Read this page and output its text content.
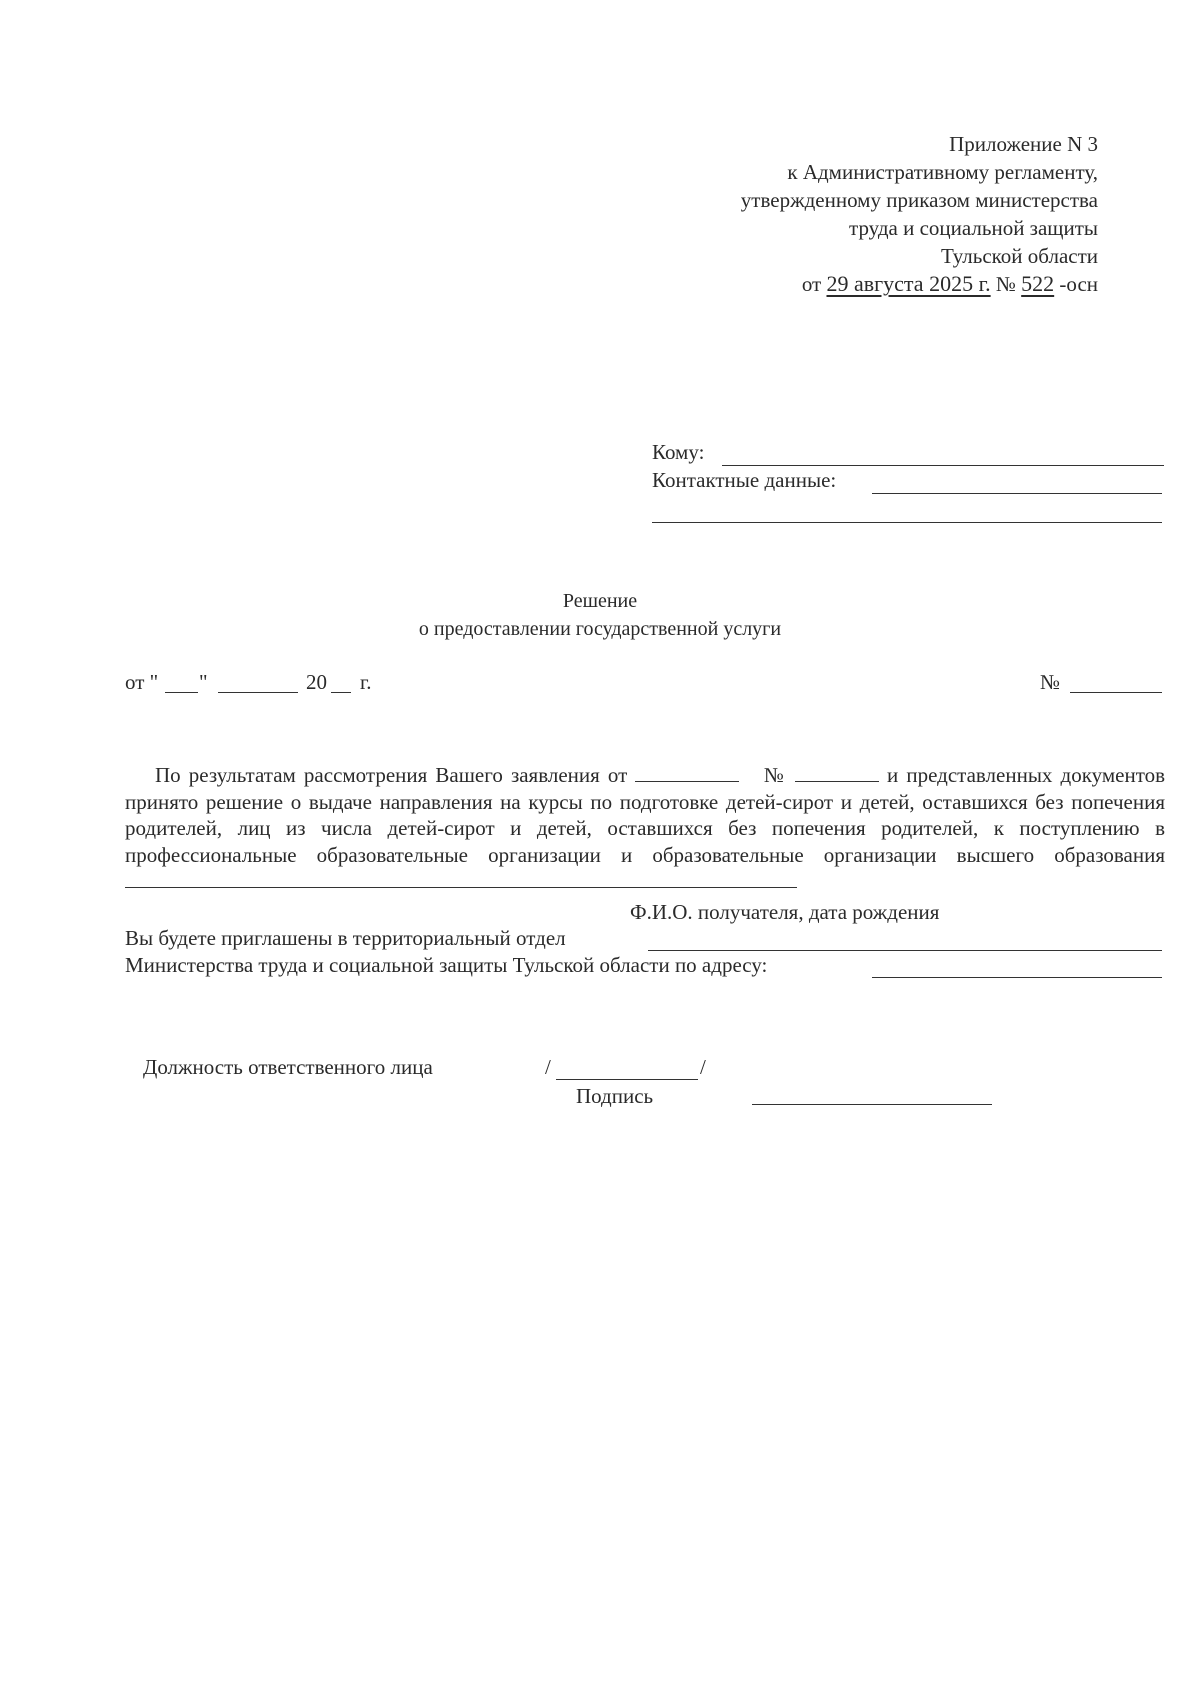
Приложение N 3
к Административному регламенту,
утвержденному приказом министерства
труда и социальной защиты
Тульской области
от 29 августа 2025 г. № 522 -осн
Кому:
Контактные данные:
Решение
о предоставлении государственной услуги
от " "	20 г.	№
По результатам рассмотрения Вашего заявления от	№	и представленных документов принято решение о выдаче направления на курсы по подготовке детей-сирот и детей, оставшихся без попечения родителей, лиц из числа детей-сирот и детей, оставшихся без попечения родителей, к поступлению в профессиональные образовательные организации и образовательные организации высшего образования
Ф.И.О. получателя, дата рождения
Вы будете приглашены в территориальный отдел
Министерства труда и социальной защиты Тульской области по адресу:
Должность ответственного лица	/	/
Подпись
